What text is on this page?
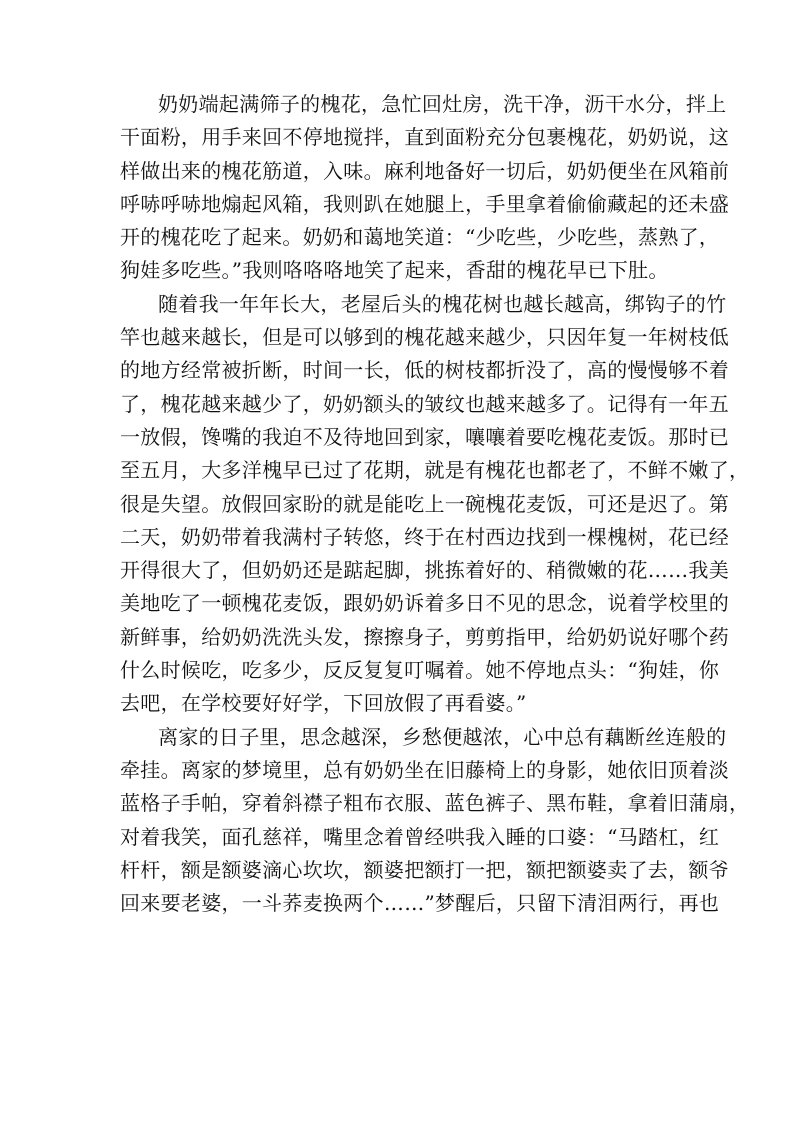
奶奶端起满筛子的槐花，急忙回灶房，洗干净，沥干水分，拌上
干面粉，用手来回不停地搅拌，直到面粉充分包裹槐花，奶奶说，这
样做出来的槐花筋道，入味。麻利地备好一切后，奶奶便坐在风箱前
呼哧呼哧地煽起风箱，我则趴在她腿上，手里拿着偷偷藏起的还未盛
开的槐花吃了起来。奶奶和蔼地笑道：“少吃些，少吃些，蒸熟了，
狗娃多吃些。”我则咯咯咯地笑了起来，香甜的槐花早已下肚。
随着我一年年长大，老屋后头的槐花树也越长越高，绑钩子的竹
竿也越来越长，但是可以够到的槐花越来越少，只因年复一年树枝低
的地方经常被折断，时间一长，低的树枝都折没了，高的慢慢够不着
了，槐花越来越少了，奶奶额头的皱纹也越来越多了。记得有一年五
一放假，馋嘴的我迫不及待地回到家，嚷嚷着要吃槐花麦饭。那时已
至五月，大多洋槐早已过了花期，就是有槐花也都老了，不鲜不嫩了，
很是失望。放假回家盼的就是能吃上一碗槐花麦饭，可还是迟了。第
二天，奶奶带着我满村子转悠，终于在村西边找到一棵槐树，花已经
开得很大了，但奶奶还是踮起脚，挑拣着好的、稍微嫩的花……我美
美地吃了一顿槐花麦饭，跟奶奶诉着多日不见的思念，说着学校里的
新鲜事，给奶奶洗洗头发，擦擦身子，剪剪指甲，给奶奶说好哪个药
什么时候吃，吃多少，反反复复叮嘱着。她不停地点头：“狗娃，你
去吧，在学校要好好学，下回放假了再看婆。”
离家的日子里，思念越深，乡愁便越浓，心中总有藕断丝连般的
牵挂。离家的梦境里，总有奶奶坐在旧藤椅上的身影，她依旧顶着淡
蓝格子手帕，穿着斜襟子粗布衣服、蓝色裤子、黑布鞋，拿着旧蒲扇，
对着我笑，面孔慈祥，嘴里念着曾经哄我入睡的口婆：“马踏杠，红
杆杆，额是额婆滴心坎坎，额婆把额打一把，额把额婆卖了去，额爷
回来要老婆，一斗荞麦换两个……”梦醒后，只留下清泪两行，再也
